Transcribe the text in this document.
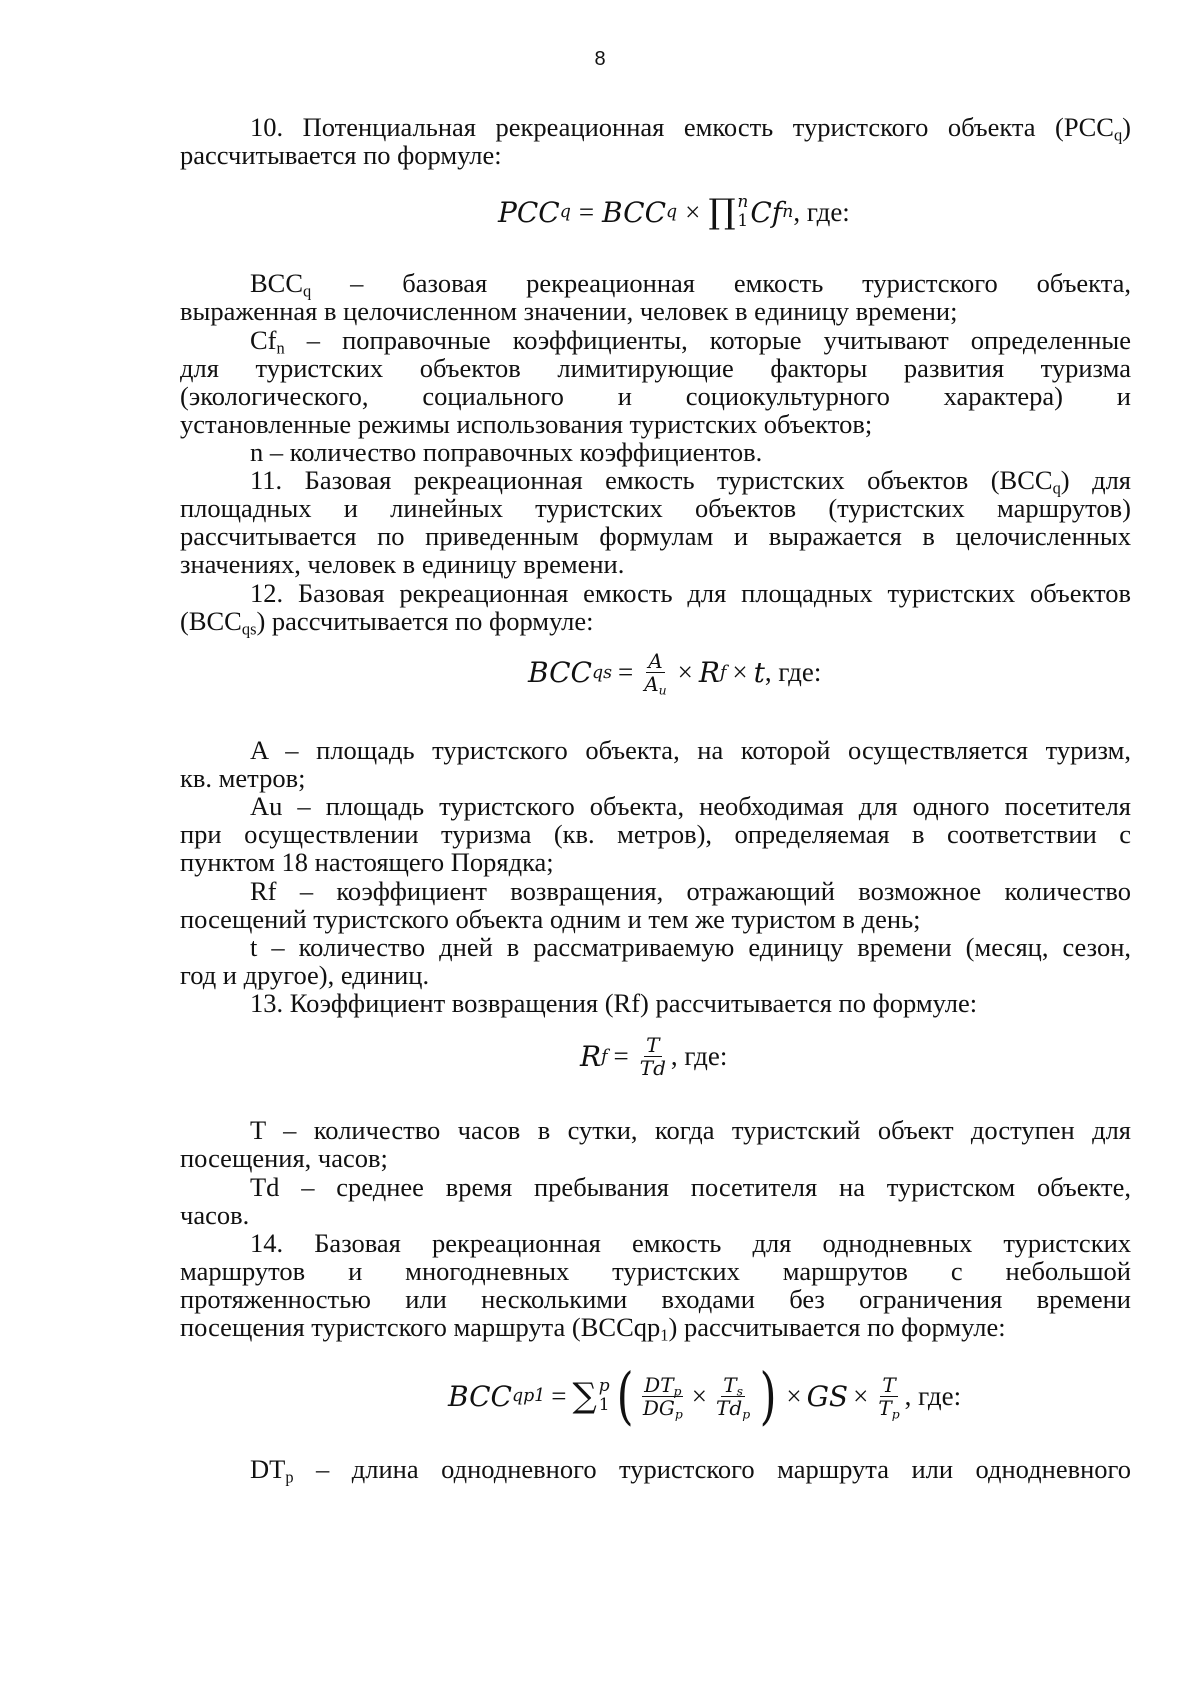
8
10. Потенциальная рекреационная емкость туристского объекта $(PCC_q)$
рассчитывается по формуле:
PCC q = BCC q × ∏ n
1 Cf n , где:
$BCC_q$ – базовая рекреационная емкость туристского объекта,
выраженная в целочисленном значении, человек в единицу времени;
$Cf_n$ – поправочные коэффициенты, которые учитывают определенные
для туристских объектов лимитирующие факторы развития туризма
(экологического, социального и социокультурного характера) и
установленные режимы использования туристских объектов;
n – количество поправочных коэффициентов.
11. Базовая рекреационная емкость туристских объектов $(BCC_q)$ для
площадных и линейных туристских объектов (туристских маршрутов)
рассчитывается по приведенным формулам и выражается в целочисленных
значениях, человек в единицу времени.
12. Базовая рекреационная емкость для площадных туристских объектов
$(BCC_{qs})$ рассчитывается по формуле:
BCC qs = $\frac{A}{A_u} \times R$ f × t , где:
A – площадь туристского объекта, на которой осуществляется туризм,
кв. метров;
Au – площадь туристского объекта, необходимая для одного посетителя
при осуществлении туризма (кв. метров), определяемая в соответствии с
пунктом 18 настоящего Порядка;
Rf – коэффициент возвращения, отражающий возможное количество
посещений туристского объекта одним и тем же туристом в день;
t – количество дней в рассматриваемую единицу времени (месяц, сезон,
год и другое), единиц.
13. Коэффициент возвращения (Rf) рассчитывается по формуле:
R $f = \frac{T}{Td}$ , где:
T – количество часов в сутки, когда туристский объект доступен для
посещения, часов;
Td – среднее время пребывания посетителя на туристском объекте,
часов.
14. Базовая рекреационная емкость для однодневных туристских
маршрутов и многодневных туристских маршрутов с небольшой
протяженностью или несколькими входами без ограничения времени
посещения туристского маршрута (BCCqp$_1$) рассчитывается по формуле:
BCC qp1 = ∑ p
1 ( $\frac{DT_p}{DG_p} \times \frac{T_s}{Td_p}$ ) × GS × $\frac{T}{T_p}$ , где:
$DT_p$ – длина однодневного туристского маршрута или однодневного
